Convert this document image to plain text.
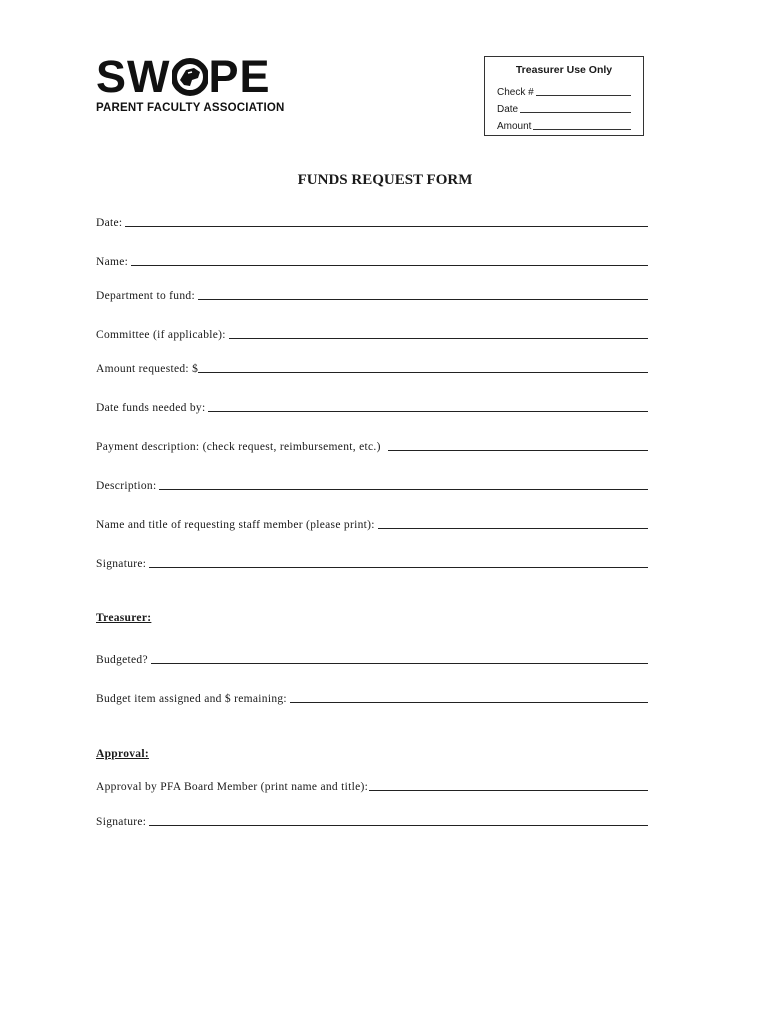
SW PE
PARENT FACULTY ASSOCIATION
Treasurer Use Only
Check #
Date
Amount
FUNDS REQUEST FORM
Date:
Name:
Department to fund:
Committee (if applicable):
Amount requested: $
Date funds needed by:
Payment description: (check request, reimbursement, etc.)
Description:
Name and title of requesting staff member (please print):
Signature:
Treasurer:
Budgeted?
Budget item assigned and $ remaining:
Approval:
Approval by PFA Board Member (print name and title):
Signature:
